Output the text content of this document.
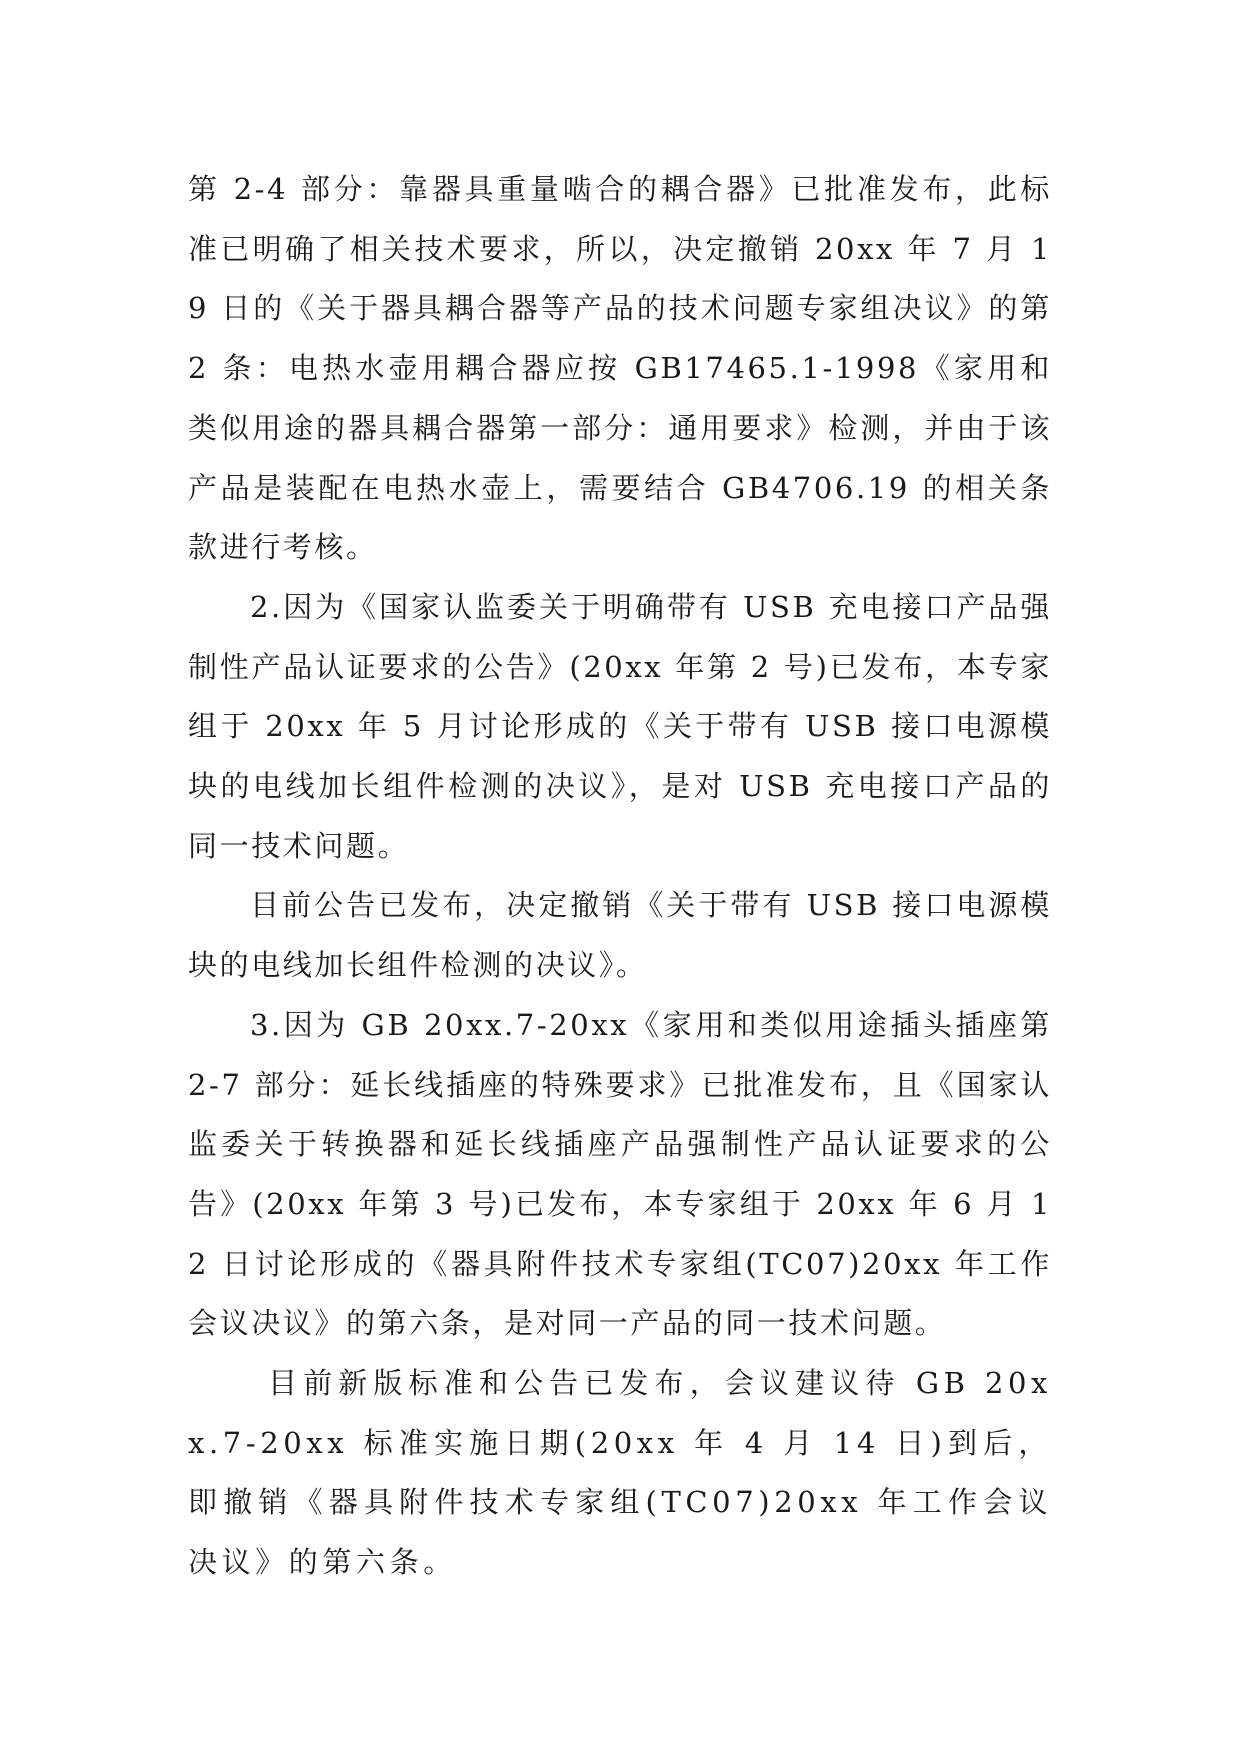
第 2-4 部分：靠器具重量啮合的耦合器》已批准发布，此标准已明确了相关技术要求，所以，决定撤销 20xx 年 7 月 19 日的《关于器具耦合器等产品的技术问题专家组决议》的第 2 条：电热水壶用耦合器应按 GB17465.1-1998《家用和类似用途的器具耦合器第一部分：通用要求》检测，并由于该产品是装配在电热水壶上，需要结合 GB4706.19 的相关条款进行考核。

2.因为《国家认监委关于明确带有 USB 充电接口产品强制性产品认证要求的公告》(20xx 年第 2 号)已发布，本专家组于 20xx 年 5 月讨论形成的《关于带有 USB 接口电源模块的电线加长组件检测的决议》，是对 USB 充电接口产品的同一技术问题。

目前公告已发布，决定撤销《关于带有 USB 接口电源模块的电线加长组件检测的决议》。

3.因为 GB 20xx.7-20xx《家用和类似用途插头插座第 2-7 部分：延长线插座的特殊要求》已批准发布，且《国家认监委关于转换器和延长线插座产品强制性产品认证要求的公告》(20xx 年第 3 号)已发布，本专家组于 20xx 年 6 月 12 日讨论形成的《器具附件技术专家组(TC07)20xx 年工作会议决议》的第六条，是对同一产品的同一技术问题。

目前新版标准和公告已发布，会议建议待 GB 20xx.7-20xx 标准实施日期(20xx 年 4 月 14 日)到后，即撤销《器具附件技术专家组(TC07)20xx 年工作会议决议》的第六条。
